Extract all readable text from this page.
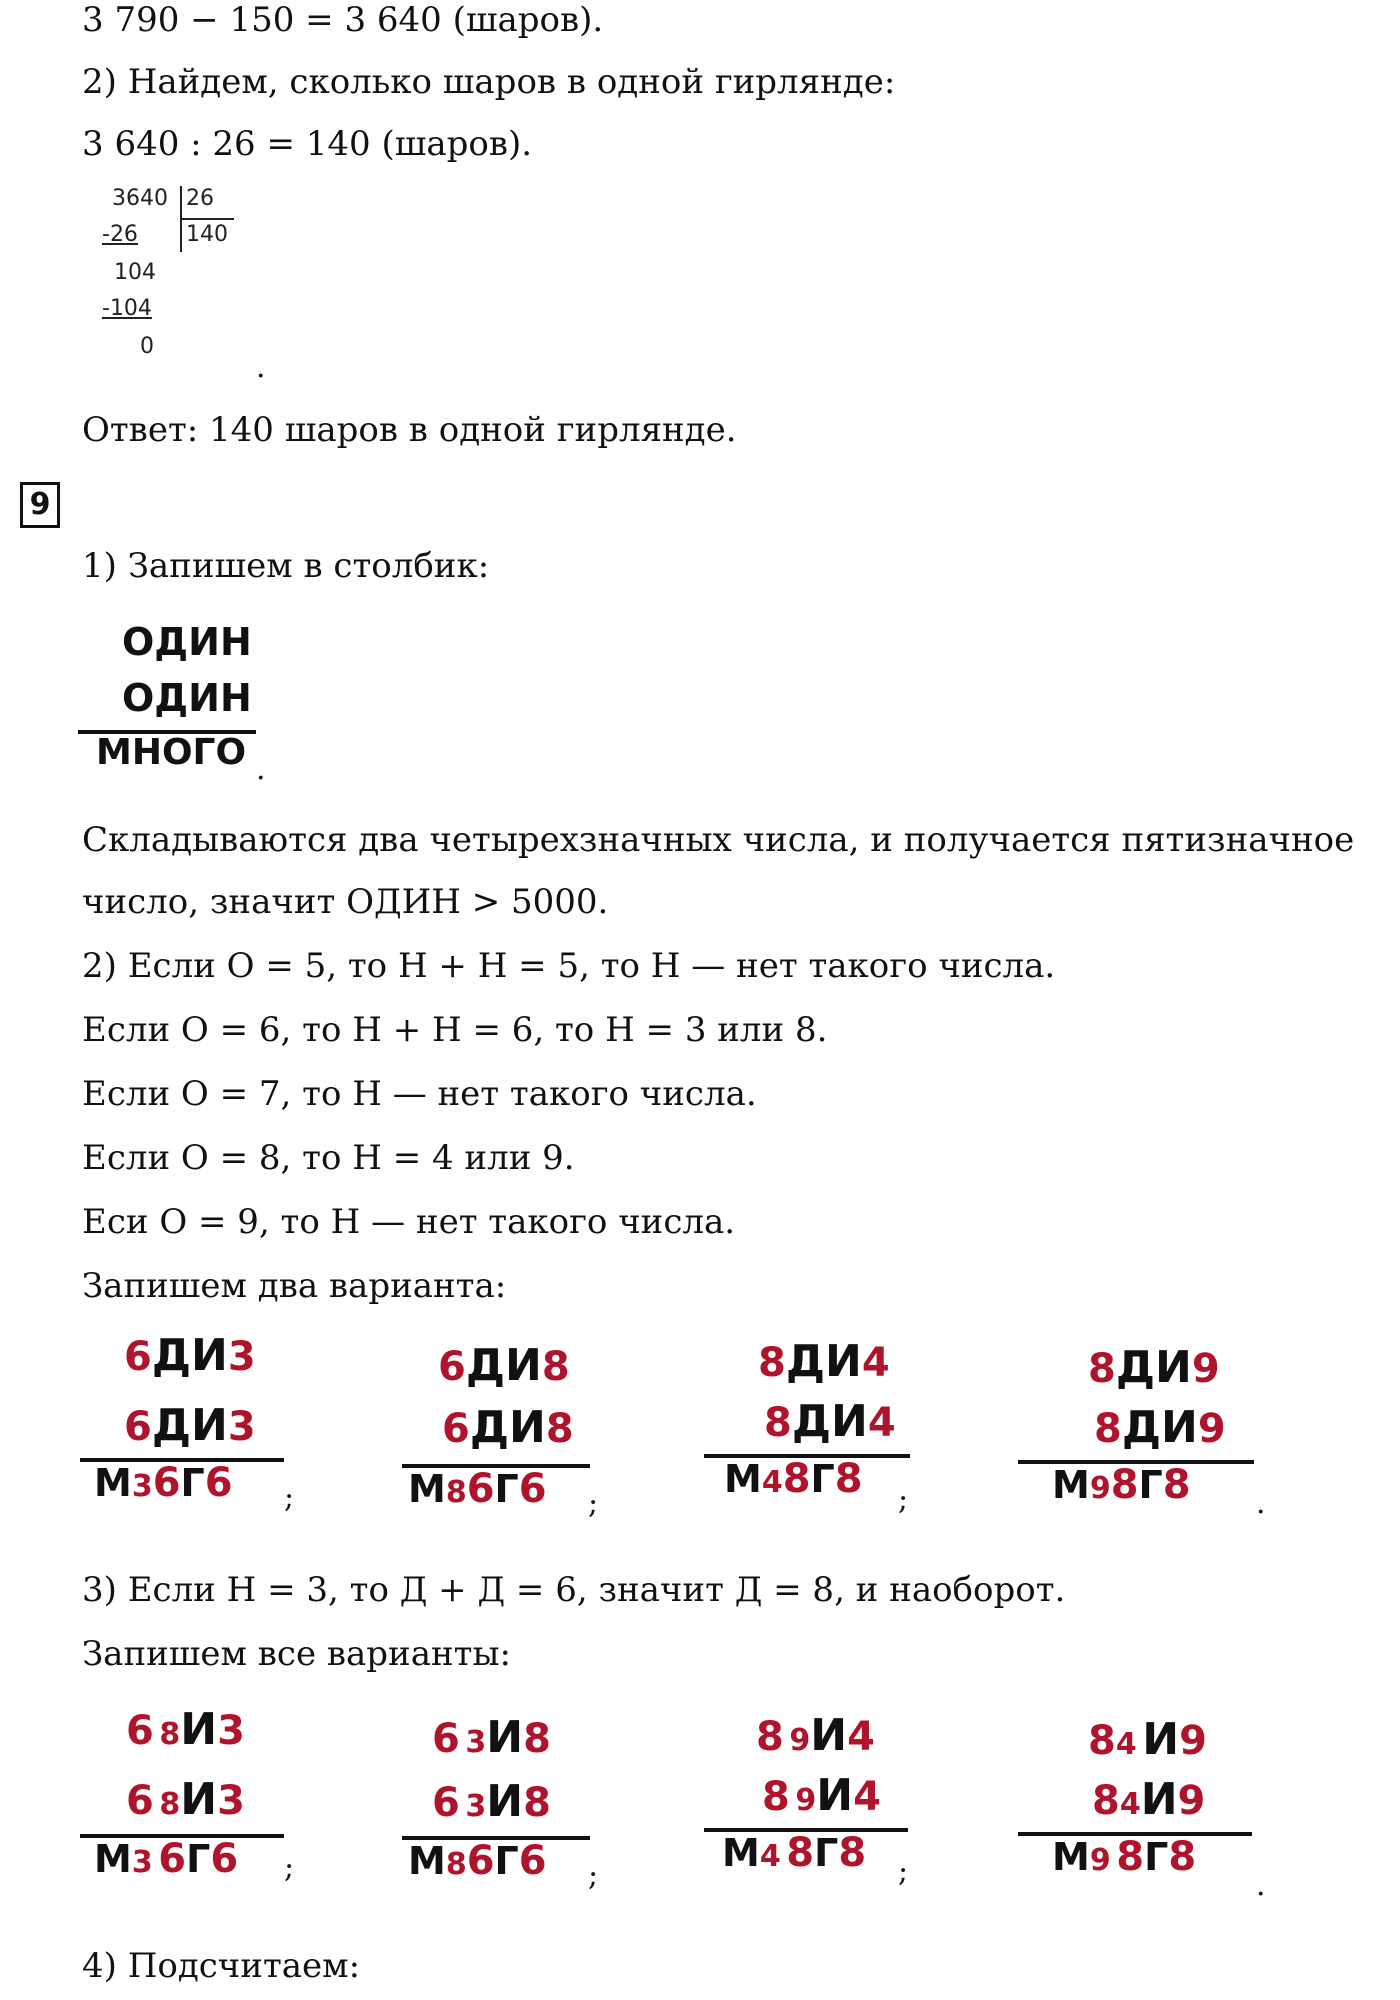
3 790 − 150 = 3 640 (шаров).
2) Найдем, сколько шаров в одной гирлянде:
3 640 : 26 = 140 (шаров).
3640 26
140
-26
104
-104
0
.
Ответ: 140 шаров в одной гирлянде.
9
1) Запишем в столбик:
ОДИН
ОДИН
МНОГО .
Складываются два четырехзначных числа, и получается пятизначное
число, значит ОДИН > 5000.
2) Если О = 5, то Н + Н = 5, то Н — нет такого числа.
Если О = 6, то Н + Н = 6, то Н = 3 или 8.
Если О = 7, то Н — нет такого числа.
Если О = 8, то Н = 4 или 9.
Еси О = 9, то Н — нет такого числа.
Запишем два варианта:
6ДИ3
6ДИ3
М36Г6 ;
6ДИ8
6ДИ8
М86Г6 ;
8ДИ4
8ДИ4
М48Г8 ;
8ДИ9
8ДИ9
М98Г8 .
3) Если Н = 3, то Д + Д = 6, значит Д = 8, и наоборот.
Запишем все варианты:
6 8И3
6 8И3
М3 6Г6 ;
6 3И8
6 3И8
М86Г6 ;
8 9И4
8 9И4
М4 8Г8 ;
84 И9
84И9
М9 8Г8
.
4) Подсчитаем:
